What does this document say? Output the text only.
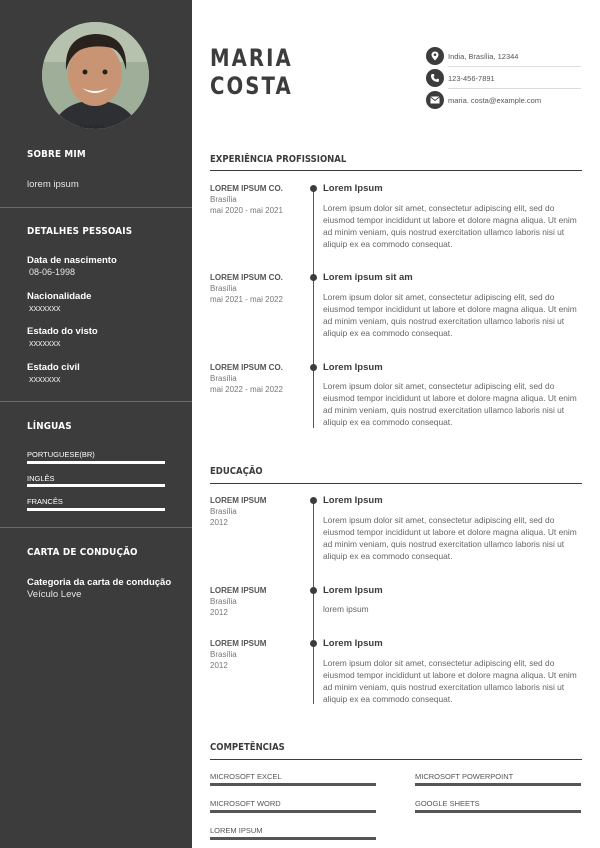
foto pessoal
SOBRE MIM
lorem ipsum
DETALHES PESSOAIS
Data de nascimento
08-06-1998
Nacionalidade
xxxxxxx
Estado do visto
xxxxxxx
Estado civil
xxxxxxx
LÍNGUAS
PORTUGUESE(BR)
INGLÊS
FRANCÊS
CARTA DE CONDUÇÃO
Categoria da carta de condução
Veículo Leve
MARIA
COSTA
India, Brasília, 12344
123-456-7891
maria. costa@example.com
EXPERIÊNCIA PROFISSIONAL
LOREM IPSUM CO.
Brasília
mai 2020 - mai 2021
Lorem Ipsum
Lorem ipsum dolor sit amet, consectetur adipiscing elit, sed do eiusmod tempor incididunt ut labore et dolore magna aliqua. Ut enim ad minim veniam, quis nostrud exercitation ullamco laboris nisi ut aliquip ex ea commodo consequat.
LOREM IPSUM CO.
Brasília
mai 2021 - mai 2022
Lorem ipsum sit am
Lorem ipsum dolor sit amet, consectetur adipiscing elit, sed do eiusmod tempor incididunt ut labore et dolore magna aliqua. Ut enim ad minim veniam, quis nostrud exercitation ullamco laboris nisi ut aliquip ex ea commodo consequat.
LOREM IPSUM CO.
Brasília
mai 2022 - mai 2022
Lorem Ipsum
Lorem ipsum dolor sit amet, consectetur adipiscing elit, sed do eiusmod tempor incididunt ut labore et dolore magna aliqua. Ut enim ad minim veniam, quis nostrud exercitation ullamco laboris nisi ut aliquip ex ea commodo consequat.
EDUCAÇÃO
LOREM IPSUM
Brasília
2012
Lorem Ipsum
Lorem ipsum dolor sit amet, consectetur adipiscing elit, sed do eiusmod tempor incididunt ut labore et dolore magna aliqua. Ut enim ad minim veniam, quis nostrud exercitation ullamco laboris nisi ut aliquip ex ea commodo consequat.
LOREM IPSUM
Brasília
2012
Lorem Ipsum
lorem ipsum
LOREM IPSUM
Brasília
2012
Lorem Ipsum
Lorem ipsum dolor sit amet, consectetur adipiscing elit, sed do eiusmod tempor incididunt ut labore et dolore magna aliqua. Ut enim ad minim veniam, quis nostrud exercitation ullamco laboris nisi ut aliquip ex ea commodo consequat.
COMPETÊNCIAS
MICROSOFT EXCEL	MICROSOFT POWERPOINT
MICROSOFT WORD	GOOGLE SHEETS
LOREM IPSUM
